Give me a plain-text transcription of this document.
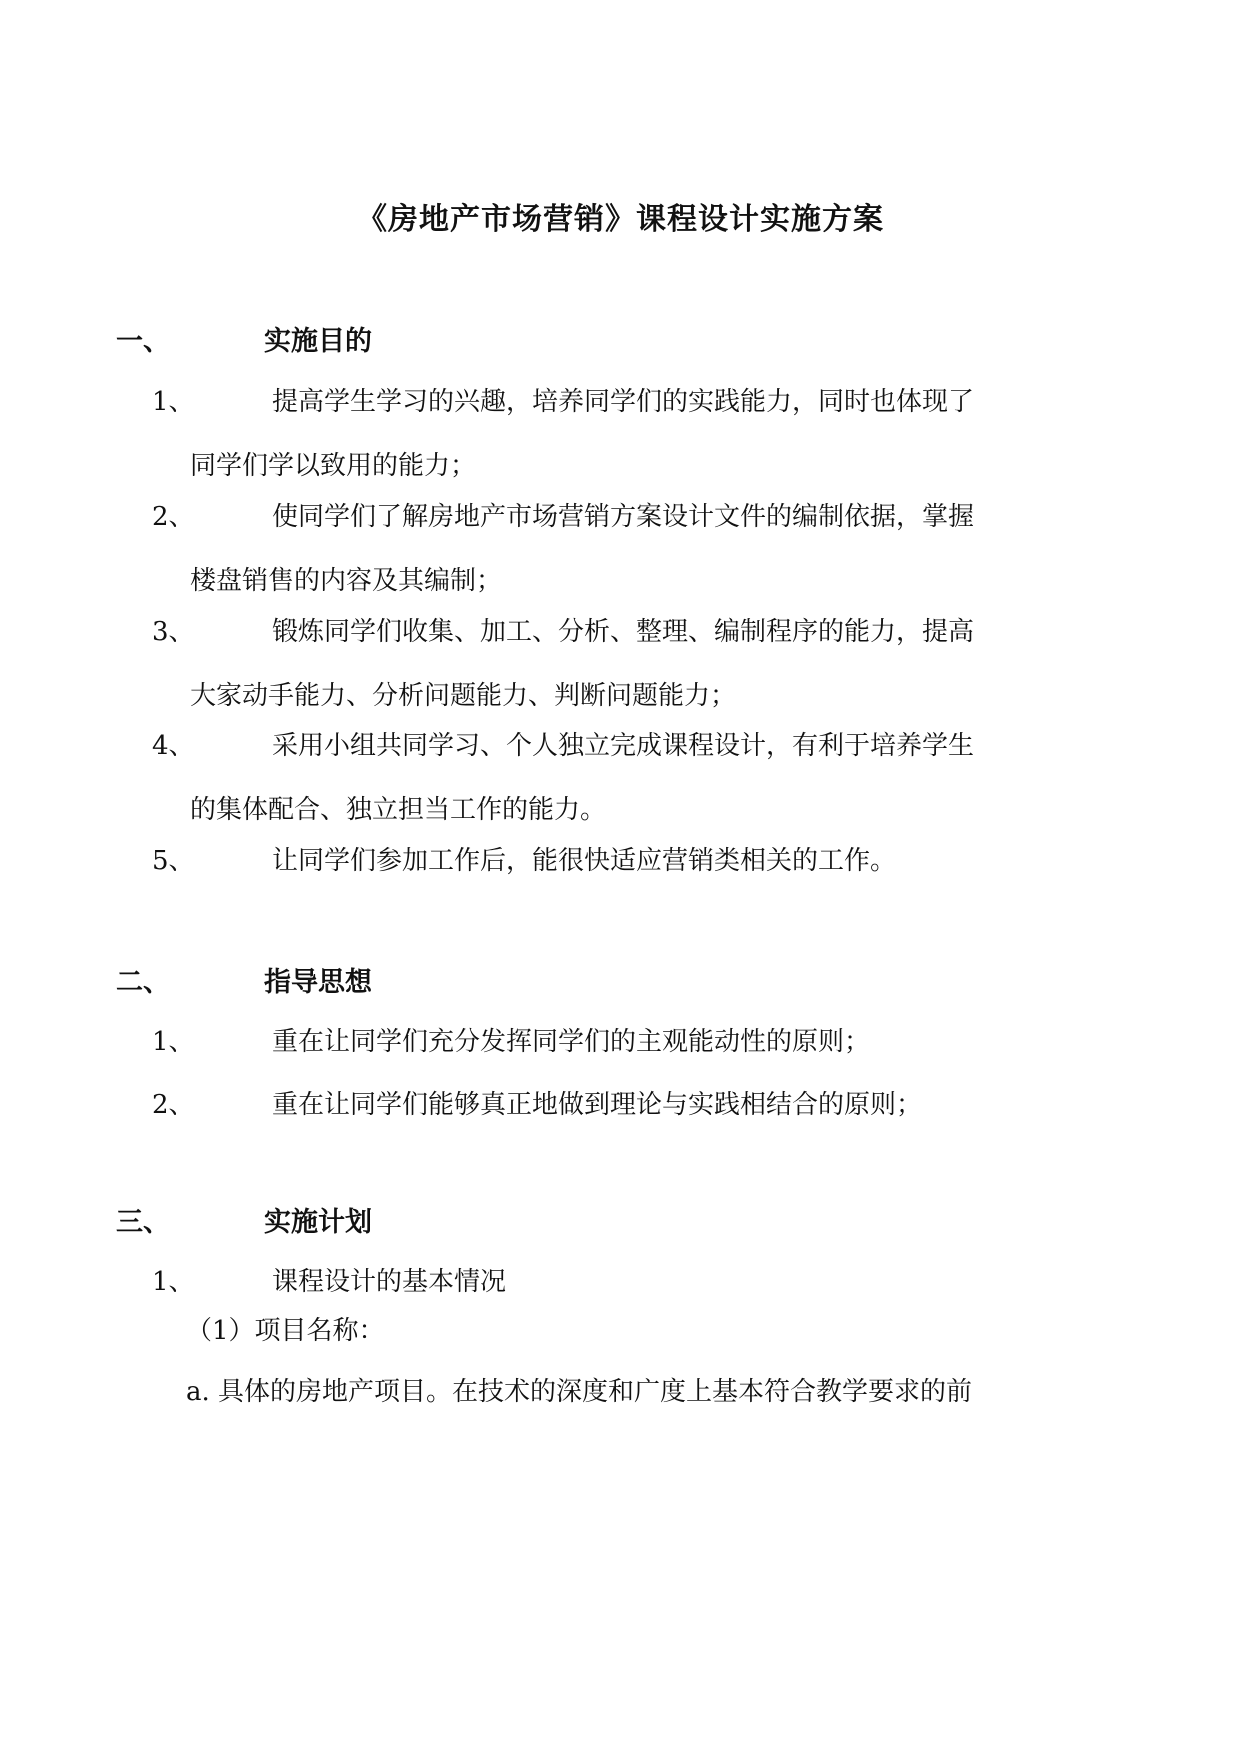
《房地产市场营销》课程设计实施方案
一、	实施目的
1、	提高学生学习的兴趣，培养同学们的实践能力，同时也体现了
同学们学以致用的能力；
2、	使同学们了解房地产市场营销方案设计文件的编制依据，掌握
楼盘销售的内容及其编制；
3、	锻炼同学们收集、加工、分析、整理、编制程序的能力，提高
大家动手能力、分析问题能力、判断问题能力；
4、	采用小组共同学习、个人独立完成课程设计，有利于培养学生
的集体配合、独立担当工作的能力。
5、	让同学们参加工作后，能很快适应营销类相关的工作。
二、	指导思想
1、	重在让同学们充分发挥同学们的主观能动性的原则；
2、	重在让同学们能够真正地做到理论与实践相结合的原则；
三、	实施计划
1、	课程设计的基本情况
（1）项目名称：
a. 具体的房地产项目。在技术的深度和广度上基本符合教学要求的前
